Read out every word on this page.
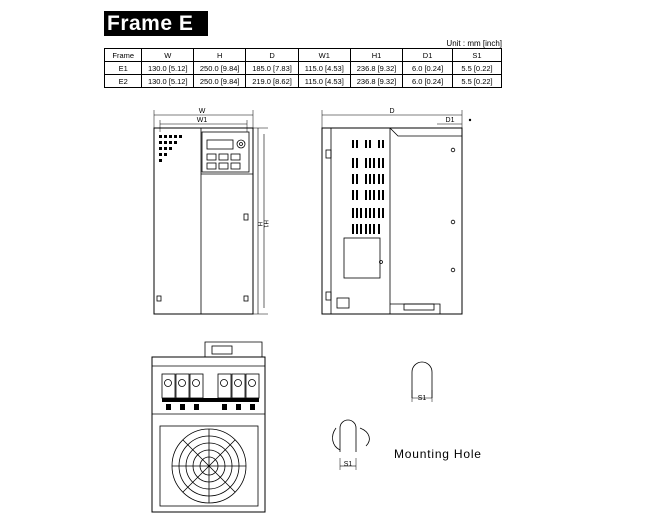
Frame E
Unit : mm [inch]
Frame	W	H	D	W1	H1	D1	S1
E1	130.0 [5.12]	250.0 [9.84]	185.0 [7.83]	115.0 [4.53]	236.8 [9.32]	6.0 [0.24]	5.5 [0.22]
E2	130.0 [5.12]	250.0 [9.84]	219.0 [8.62]	115.0 [4.53]	236.8 [9.32]	6.0 [0.24]	5.5 [0.22]
W
W1
H H1
D
D1
S1
S1
Mounting Hole
